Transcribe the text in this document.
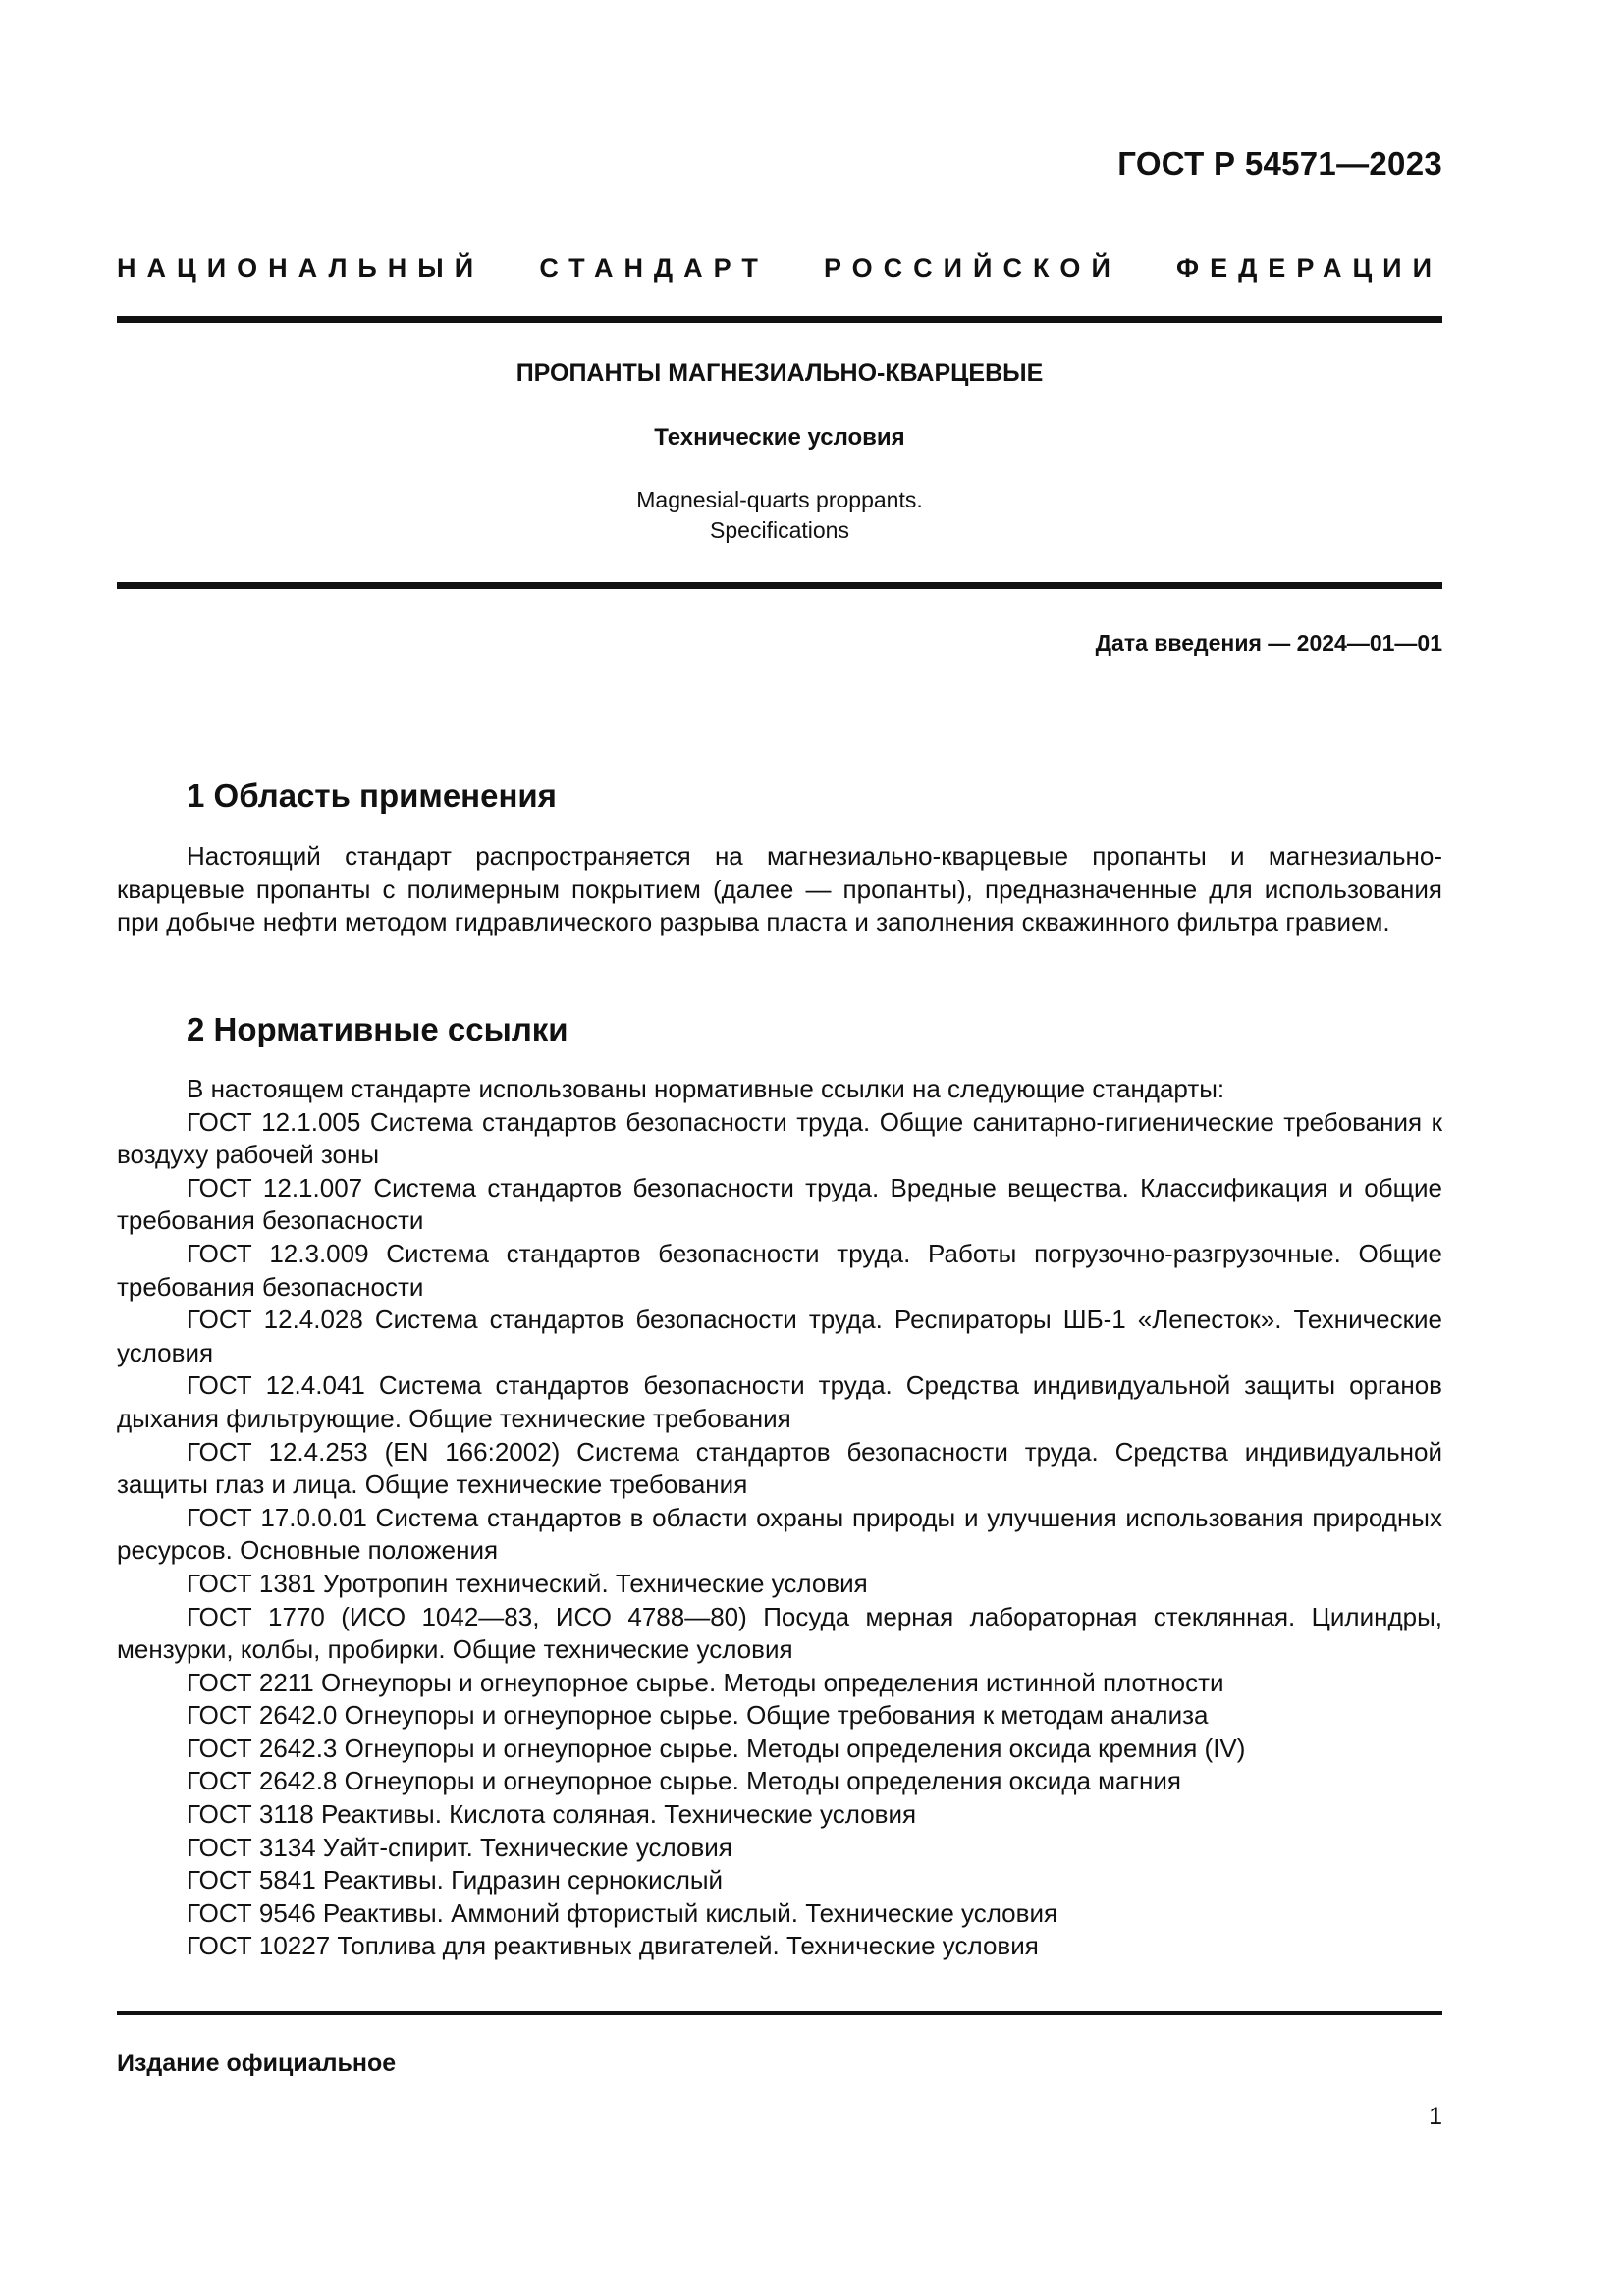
ГОСТ Р 54571—2023
НАЦИОНАЛЬНЫЙ СТАНДАРТ РОССИЙСКОЙ ФЕДЕРАЦИИ
ПРОПАНТЫ МАГНЕЗИАЛЬНО-КВАРЦЕВЫЕ
Технические условия
Magnesial-quarts proppants.
Specifications
Дата введения — 2024—01—01
1 Область применения

Настоящий стандарт распространяется на магнезиально-кварцевые пропанты и магнезиально-кварцевые пропанты с полимерным покрытием (далее — пропанты), предназначенные для использования при добыче нефти методом гидравлического разрыва пласта и заполнения скважинного фильтра гравием.

2 Нормативные ссылки

В настоящем стандарте использованы нормативные ссылки на следующие стандарты:

ГОСТ 12.1.005 Система стандартов безопасности труда. Общие санитарно-гигиенические требования к воздуху рабочей зоны

ГОСТ 12.1.007 Система стандартов безопасности труда. Вредные вещества. Классификация и общие требования безопасности

ГОСТ 12.3.009 Система стандартов безопасности труда. Работы погрузочно-разгрузочные. Общие требования безопасности

ГОСТ 12.4.028 Система стандартов безопасности труда. Респираторы ШБ-1 «Лепесток». Технические условия

ГОСТ 12.4.041 Система стандартов безопасности труда. Средства индивидуальной защиты органов дыхания фильтрующие. Общие технические требования

ГОСТ 12.4.253 (EN 166:2002) Система стандартов безопасности труда. Средства индивидуальной защиты глаз и лица. Общие технические требования

ГОСТ 17.0.0.01 Система стандартов в области охраны природы и улучшения использования природных ресурсов. Основные положения

ГОСТ 1381 Уротропин технический. Технические условия

ГОСТ 1770 (ИСО 1042—83, ИСО 4788—80) Посуда мерная лабораторная стеклянная. Цилиндры, мензурки, колбы, пробирки. Общие технические условия

ГОСТ 2211 Огнеупоры и огнеупорное сырье. Методы определения истинной плотности

ГОСТ 2642.0 Огнеупоры и огнеупорное сырье. Общие требования к методам анализа

ГОСТ 2642.3 Огнеупоры и огнеупорное сырье. Методы определения оксида кремния (IV)

ГОСТ 2642.8 Огнеупоры и огнеупорное сырье. Методы определения оксида магния

ГОСТ 3118 Реактивы. Кислота соляная. Технические условия

ГОСТ 3134 Уайт-спирит. Технические условия

ГОСТ 5841 Реактивы. Гидразин сернокислый

ГОСТ 9546 Реактивы. Аммоний фтористый кислый. Технические условия

ГОСТ 10227 Топлива для реактивных двигателей. Технические условия

Издание официальное
1
